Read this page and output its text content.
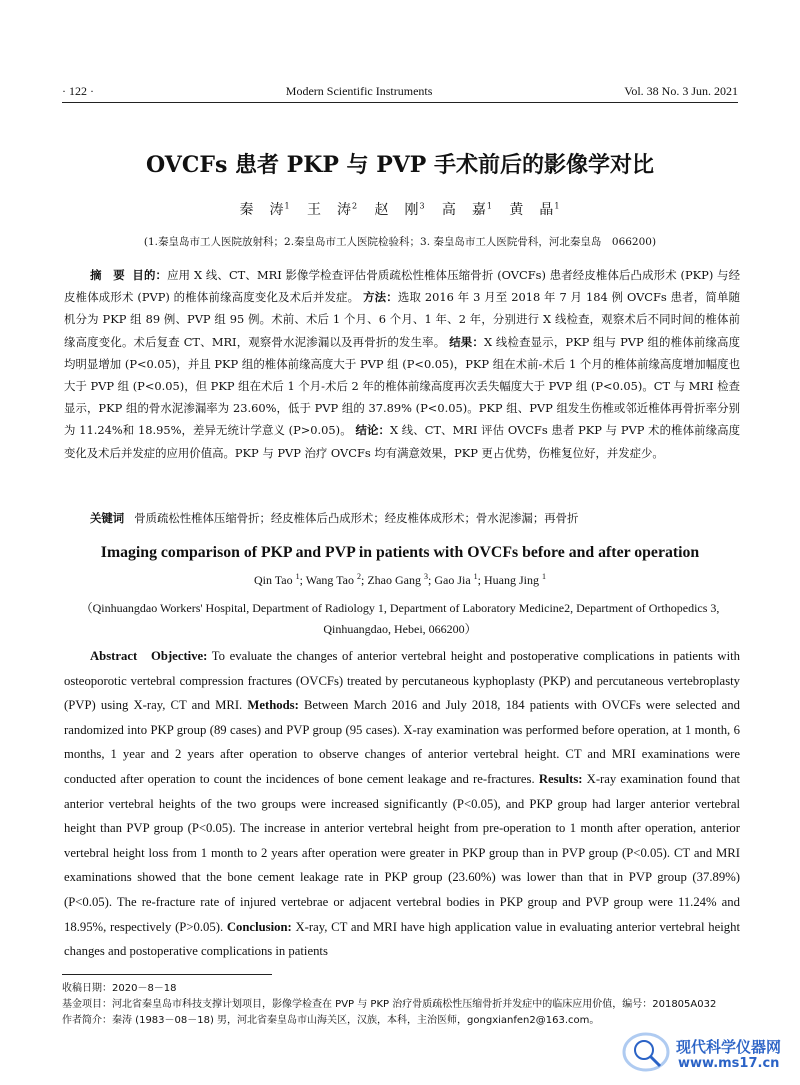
· 122 ·	Modern Scientific Instruments	Vol. 38 No. 3 Jun. 2021
OVCFs 患者 PKP 与 PVP 手术前后的影像学对比
秦　涛$^1$ 王　涛$^2$ 赵　刚$^3$ 高　嘉$^1$ 黄　晶$^1$
(1.秦皇岛市工人医院放射科；2.秦皇岛市工人医院检验科；3. 秦皇岛市工人医院骨科，河北秦皇岛　066200)
摘　要 目的：应用 X 线、CT、MRI 影像学检查评估骨质疏松性椎体压缩骨折 (OVCFs) 患者经皮椎体后凸成形术 (PKP) 与经皮椎体成形术 (PVP) 的椎体前缘高度变化及术后并发症。 方法：选取 2016 年 3 月至 2018 年 7 月 184 例 OVCFs 患者，简单随机分为 PKP 组 89 例、PVP 组 95 例。术前、术后 1 个月、6 个月、1 年、2 年，分别进行 X 线检查，观察术后不同时间的椎体前缘高度变化。术后复查 CT、MRI，观察骨水泥渗漏以及再骨折的发生率。 结果：X 线检查显示，PKP 组与 PVP 组的椎体前缘高度均明显增加 (P<0.05)，并且 PKP 组的椎体前缘高度大于 PVP 组 (P<0.05)，PKP 组在术前-术后 1 个月的椎体前缘高度增加幅度也大于 PVP 组 (P<0.05)，但 PKP 组在术后 1 个月-术后 2 年的椎体前缘高度再次丢失幅度大于 PVP 组 (P<0.05)。CT 与 MRI 检查显示，PKP 组的骨水泥渗漏率为 23.60%，低于 PVP 组的 37.89% (P<0.05)。PKP 组、PVP 组发生伤椎或邻近椎体再骨折率分别为 11.24%和 18.95%，差异无统计学意义 (P>0.05)。 结论：X 线、CT、MRI 评估 OVCFs 患者 PKP 与 PVP 术的椎体前缘高度变化及术后并发症的应用价值高。PKP 与 PVP 治疗 OVCFs 均有满意效果，PKP 更占优势，伤椎复位好，并发症少。
关键词 骨质疏松性椎体压缩骨折；经皮椎体后凸成形术；经皮椎体成形术；骨水泥渗漏；再骨折
Imaging comparison of PKP and PVP in patients with OVCFs before and after operation
Qin Tao $^1$; Wang Tao $^2$; Zhao Gang $^3$; Gao Jia $^1$; Huang Jing $^1$
（Qinhuangdao Workers' Hospital, Department of Radiology 1, Department of Laboratory Medicine2, Department of Orthopedics 3, Qinhuangdao, Hebei, 066200）
Abstract Objective: To evaluate the changes of anterior vertebral height and postoperative complications in patients with osteoporotic vertebral compression fractures (OVCFs) treated by percutaneous kyphoplasty (PKP) and percutaneous vertebroplasty (PVP) using X-ray, CT and MRI. Methods: Between March 2016 and July 2018, 184 patients with OVCFs were selected and randomized into PKP group (89 cases) and PVP group (95 cases). X-ray examination was performed before operation, at 1 month, 6 months, 1 year and 2 years after operation to observe changes of anterior vertebral height. CT and MRI examinations were conducted after operation to count the incidences of bone cement leakage and re-fractures. Results: X-ray examination found that anterior vertebral heights of the two groups were increased significantly (P<0.05), and PKP group had larger anterior vertebral height than PVP group (P<0.05). The increase in anterior vertebral height from pre-operation to 1 month after operation, anterior vertebral height loss from 1 month to 2 years after operation were greater in PKP group than in PVP group (P<0.05). CT and MRI examinations showed that the bone cement leakage rate in PKP group (23.60%) was lower than that in PVP group (37.89%) (P<0.05). The re-fracture rate of injured vertebrae or adjacent vertebral bodies in PKP group and PVP group were 11.24% and 18.95%, respectively (P>0.05). Conclusion: X-ray, CT and MRI have high application value in evaluating anterior vertebral height changes and postoperative complications in patients
收稿日期：2020－8－18
基金项目：河北省秦皇岛市科技支撑计划项目，影像学检查在 PVP 与 PKP 治疗骨质疏松性压缩骨折并发症中的临床应用价值，编号：201805A032
作者简介：秦涛 (1983－08－18) 男，河北省秦皇岛市山海关区，汉族，本科，主治医师，gongxianfen2@163.com。
现代科学仪器网
www.ms17.cn
